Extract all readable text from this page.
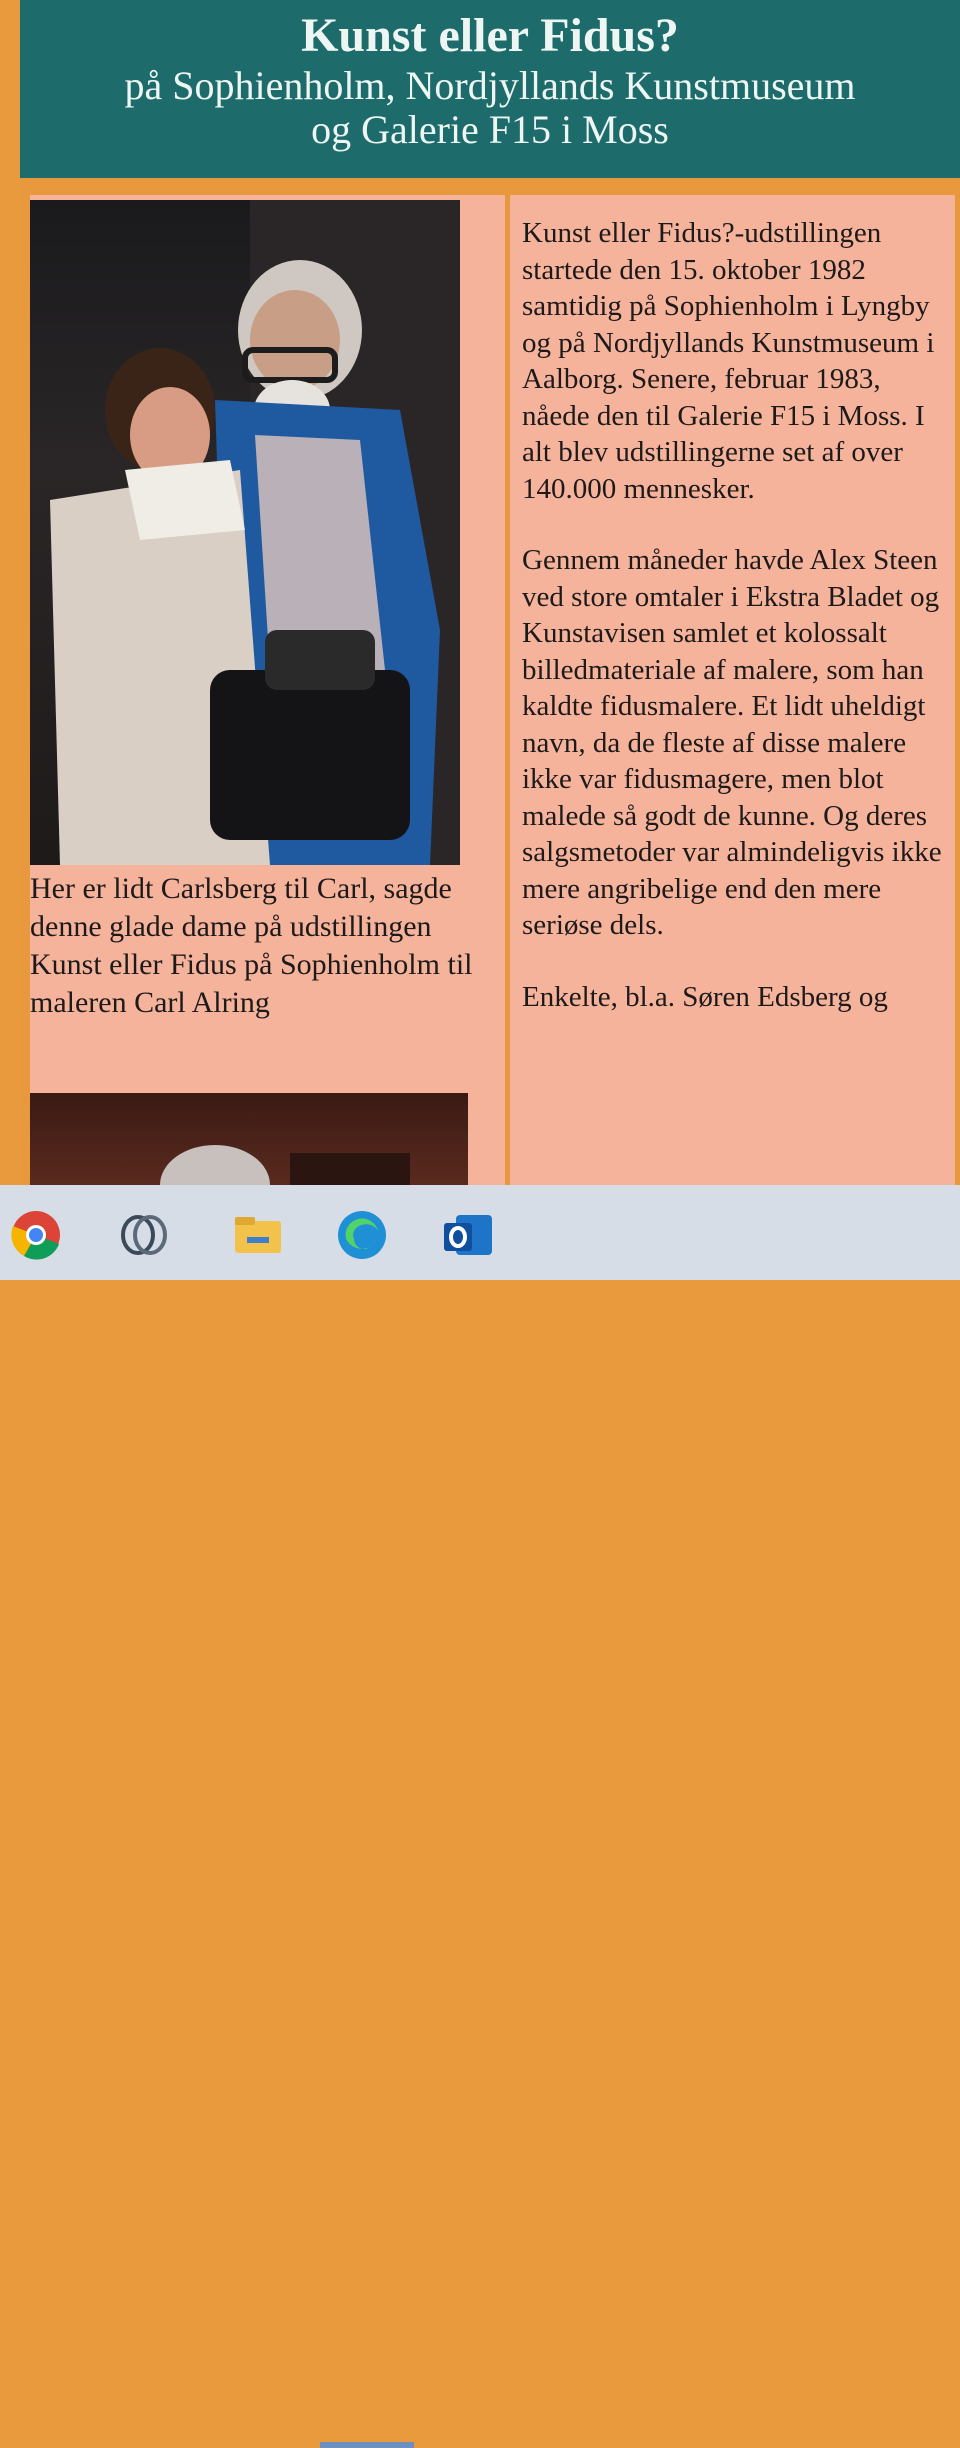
Kunst eller Fidus?
på Sophienholm, Nordjyllands Kunstmuseum
og Galerie F15 i Moss
Her er lidt Carlsberg til Carl, sagde denne glade dame på udstillingen Kunst eller Fidus på Sophienholm til maleren Carl Alring

Kunst eller Fidus?-udstillingen startede den 15. oktober 1982 samtidig på Sophienholm i Lyngby og på Nordjyllands Kunstmuseum i Aalborg. Senere, februar 1983, nåede den til Galerie F15 i Moss. I alt blev udstillingerne set af over 140.000 mennesker.

Gennem måneder havde Alex Steen ved store omtaler i Ekstra Bladet og Kunstavisen samlet et kolossalt billedmateriale af malere, som han kaldte fidusmalere. Et lidt uheldigt navn, da de fleste af disse malere ikke var fidusmagere, men blot malede så godt de kunne. Og deres salgsmetoder var almindeligvis ikke mere angribelige end den mere seriøse dels.

Enkelte, bl.a. Søren Edsberg og
